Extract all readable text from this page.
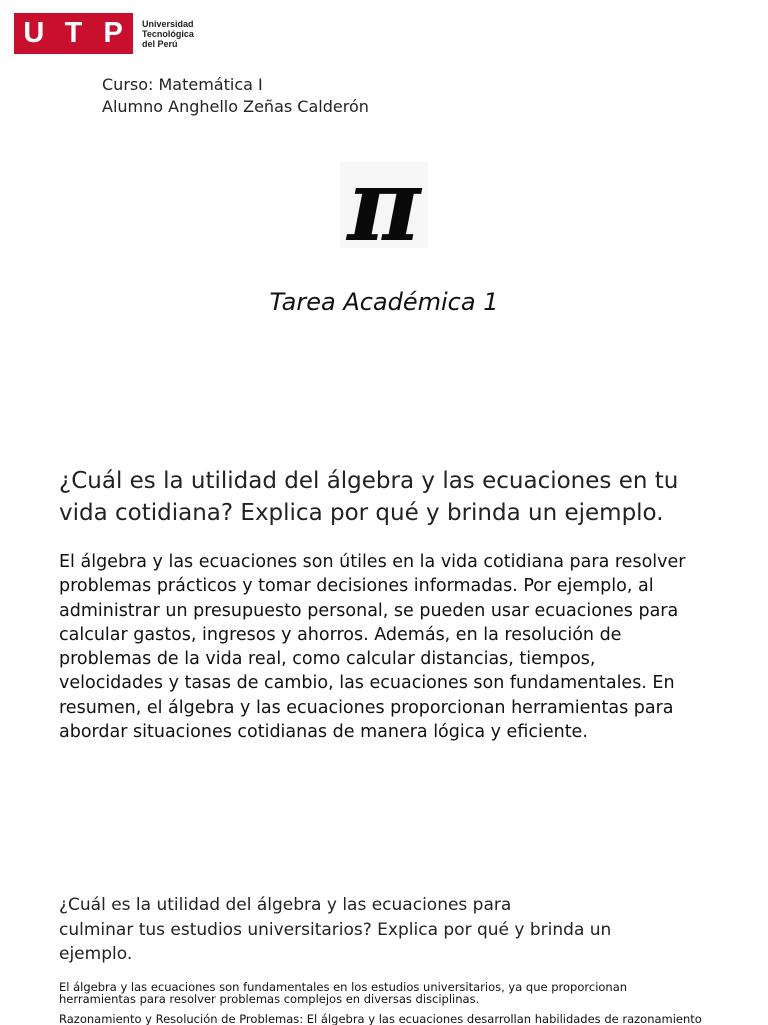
U T P	Universidad
Tecnológica
del Perú
Curso: Matemática I
Alumno Anghello Zeñas Calderón
π
Tarea Académica 1
¿Cuál es la utilidad del álgebra y las ecuaciones en tu
vida cotidiana? Explica por qué y brinda un ejemplo.
El álgebra y las ecuaciones son útiles en la vida cotidiana para resolver
problemas prácticos y tomar decisiones informadas. Por ejemplo, al
administrar un presupuesto personal, se pueden usar ecuaciones para
calcular gastos, ingresos y ahorros. Además, en la resolución de
problemas de la vida real, como calcular distancias, tiempos,
velocidades y tasas de cambio, las ecuaciones son fundamentales. En
resumen, el álgebra y las ecuaciones proporcionan herramientas para
abordar situaciones cotidianas de manera lógica y eficiente.
¿Cuál es la utilidad del álgebra y las ecuaciones para
culminar tus estudios universitarios? Explica por qué y brinda un
ejemplo.
El álgebra y las ecuaciones son fundamentales en los estudios universitarios, ya que proporcionan
herramientas para resolver problemas complejos en diversas disciplinas.
Razonamiento y Resolución de Problemas: El álgebra y las ecuaciones desarrollan habilidades de razonamiento
